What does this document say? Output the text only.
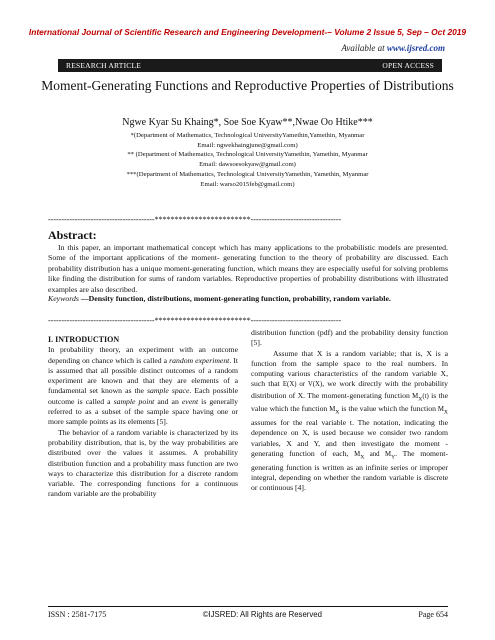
International Journal of Scientific Research and Engineering Development-– Volume 2 Issue 5, Sep – Oct 2019
Available at www.ijsred.com
RESEARCH ARTICLE	OPEN ACCESS
Moment-Generating Functions and Reproductive Properties of Distributions
Ngwe Kyar Su Khaing*, Soe Soe Kyaw**,Nwae Oo Htike***
*(Department of Mathematics, Technological UniversityYamethin,Yamethin, Myanmar
Email: ngwekhaingjune@gmail.com)
** (Department of Mathematics, Technological UniversityYamethin, Yamethin, Myanmar
Email: dawsoesokyaw@gmail.com)
***(Department of Mathematics, Technological UniversityYamethin, Yamethin, Myanmar
Email: warso2015feb@gmail.com)
----------------------------------------************************----------------------------------
Abstract:
In this paper, an important mathematical concept which has many applications to the probabilistic models are presented. Some of the important applications of the moment- generating function to the theory of probability are discussed. Each probability distribution has a unique moment-generating function, which means they are especially useful for solving problems like finding the distribution for sums of random variables. Reproductive properties of probability distributions with illustrated examples are also described.
Keywords —Density function, distributions, moment-generating function, probability, random variable.
----------------------------------------************************----------------------------------
I. INTRODUCTION

In probability theory, an experiment with an outcome depending on chance which is called a random experiment. It is assumed that all possible distinct outcomes of a random experiment are known and that they are elements of a fundamental set known as the sample space. Each possible outcome is called a sample point and an event is generally referred to as a subset of the sample space having one or more sample points as its elements [5].

The behavior of a random variable is characterized by its probability distribution, that is, by the way probabilities are distributed over the values it assumes. A probability distribution function and a probability mass function are two ways to characterize this distribution for a discrete random variable. The corresponding functions for a continuous random variable are the probability

distribution function (pdf) and the probability density function [5].

Assume that X is a random variable; that is, X is a function from the sample space to the real numbers. In computing various characteristics of the random variable X, such that E(X) or V(X), we work directly with the probability distribution of X. The moment-generating function $M_X(t)$ is the value which the function $M_X$ is the value which the function $M_X$ assumes for the real variable t. The notation, indicating the dependence on X, is used because we consider two random variables, X and Y, and then investigate the moment -generating function of each, $M_X$ and $M_Y$. The moment-generating function is written as an infinite series or improper integral, depending on whether the random variable is discrete or continuous [4].

ISSN : 2581-7175	©IJSRED: All Rights are Reserved	Page 654
